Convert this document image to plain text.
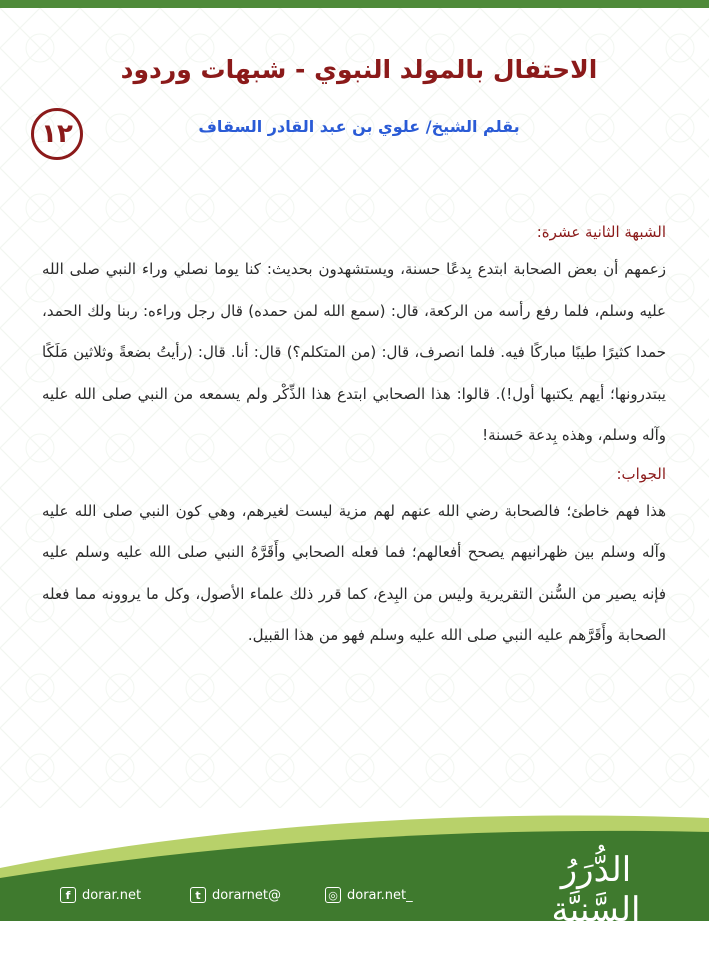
الاحتفال بالمولد النبوي - شبهات وردود
بقلم الشيخ/ علوي بن عبد القادر السقاف
١٢

الشبهة الثانية عشرة:

زعمهم أن بعض الصحابة ابتدع بِدعًا حسنة، ويستشهدون بحديث: كنا يوما نصلي وراء النبي صلى الله عليه وسلم، فلما رفع رأسه من الركعة، قال: (سمع الله لمن حمده) قال رجل وراءه: ربنا ولك الحمد، حمدا كثيرًا طيبًا مباركًا فيه. فلما انصرف، قال: (من المتكلم؟) قال: أنا. قال: (رأيتُ بضعةً وثلاثين مَلَكًا يبتدرونها؛ أيهم يكتبها أول!). قالوا: هذا الصحابي ابتدع هذا الذِّكْر ولم يسمعه من النبي صلى الله عليه وآله وسلم، وهذه بِدعة حَسنة!

الجواب:

هذا فهم خاطئ؛ فالصحابة رضي الله عنهم لهم مزية ليست لغيرهم، وهي كون النبي صلى الله عليه وآله وسلم بين ظهرانيهم يصحح أفعالهم؛ فما فعله الصحابي وأَقَرَّهُ النبي صلى الله عليه وسلم عليه فإنه يصير من السُّنن التقريرية وليس من البِدع، كما قرر ذلك علماء الأصول، وكل ما يروونه مما فعله الصحابة وأَقَرَّهم عليه النبي صلى الله عليه وسلم فهو من هذا القبيل.

f dorar.net	t dorarnet@	◎ dorar.net_
الدُّرَرُ السَّنِيَّة
www.dorar.net
مرجع علمي موثق على منهج أهل السنة والجماعة
